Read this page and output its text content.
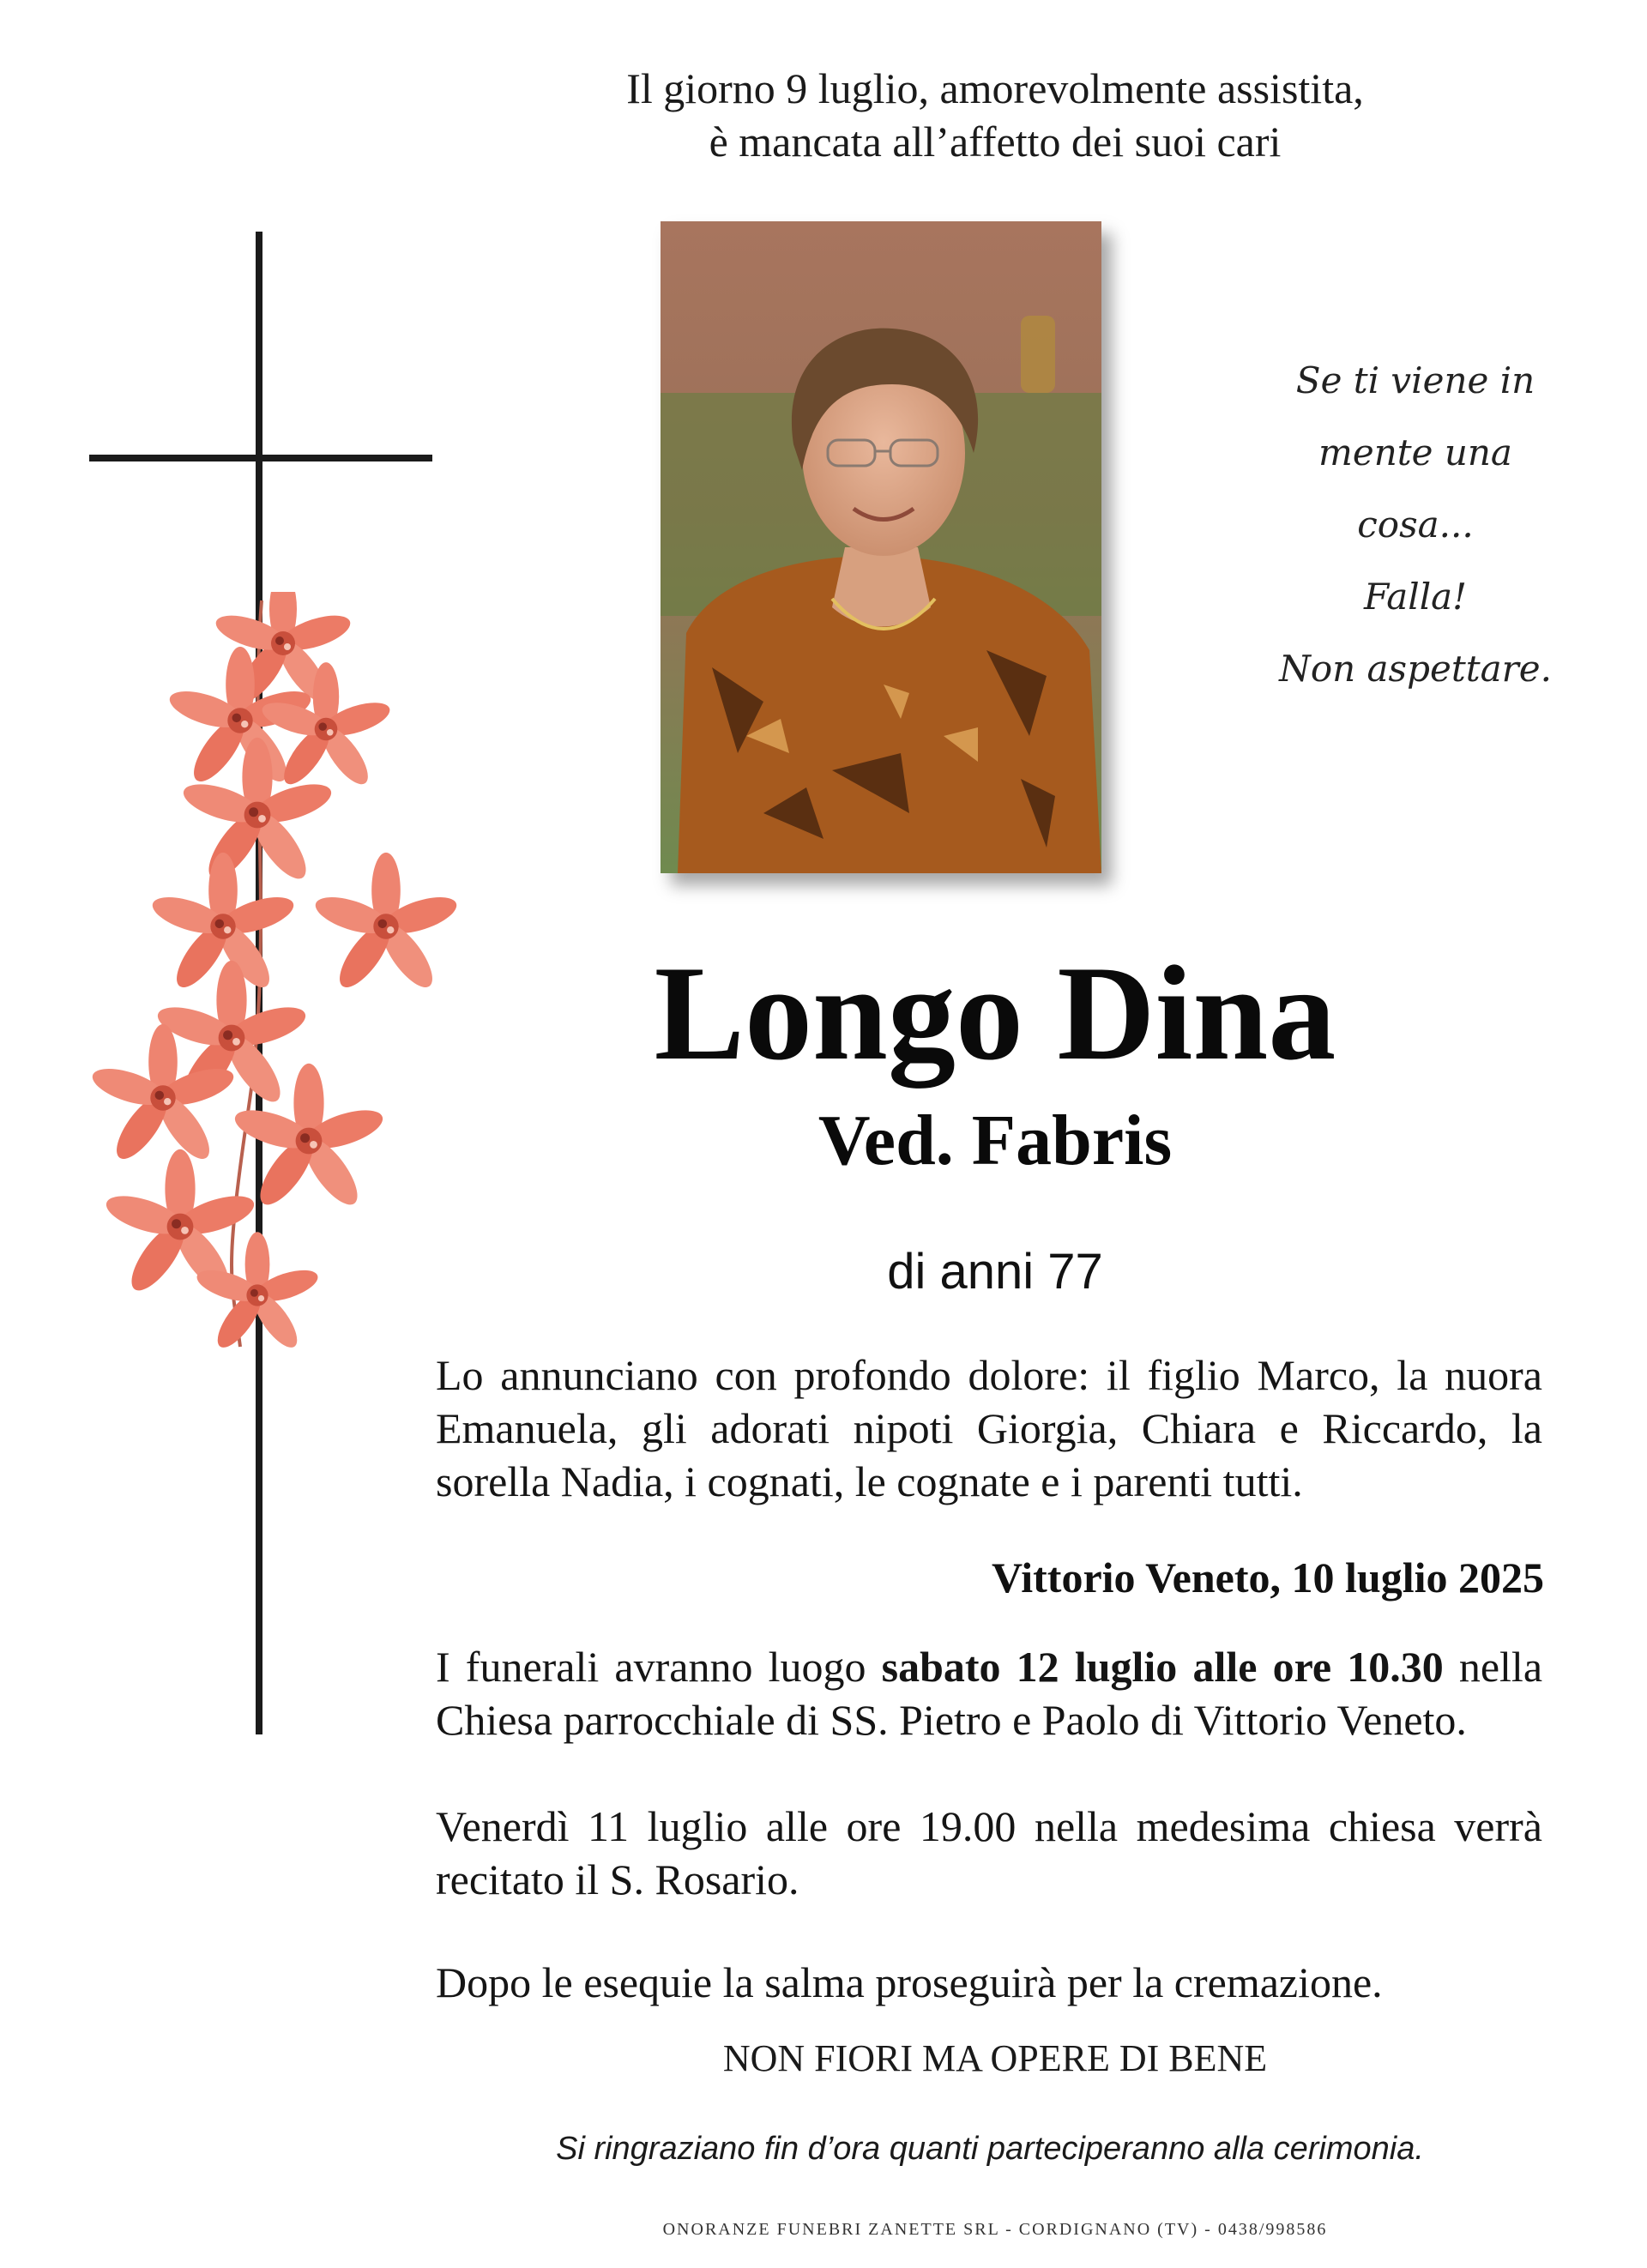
Il giorno 9 luglio, amorevolmente assistita,
è mancata all’affetto dei suoi cari
Se ti viene in
mente una
cosa...
Falla!
Non aspettare.
Longo Dina
Ved. Fabris
di anni 77
Lo annunciano con profondo dolore: il figlio Marco, la nuora Emanuela, gli adorati nipoti Giorgia, Chiara e Riccardo, la sorella Nadia, i cognati, le cognate e i parenti tutti.
Vittorio Veneto, 10 luglio 2025
I funerali avranno luogo sabato 12 luglio alle ore 10.30 nella Chiesa parrocchiale di SS. Pietro e Paolo di Vittorio Veneto.
Venerdì 11 luglio alle ore 19.00 nella medesima chiesa verrà recitato il S. Rosario.
Dopo le esequie la salma proseguirà per la cremazione.
NON FIORI MA OPERE DI BENE
Si ringraziano fin d’ora quanti parteciperanno alla cerimonia.
ONORANZE FUNEBRI ZANETTE SRL - CORDIGNANO (TV) - 0438/998586
